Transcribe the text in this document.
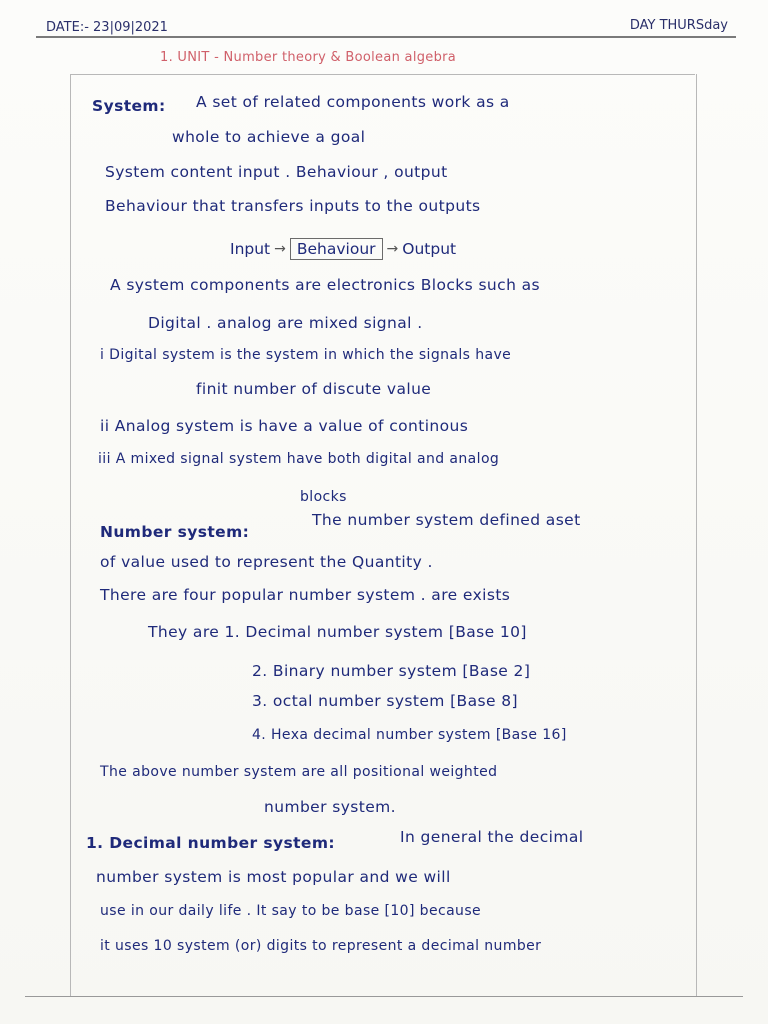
DATE:- 23|09|2021	DAY THURSday
1. UNIT - Number theory & Boolean algebra
System: A set of related components work as a
whole to achieve a goal
System content input . Behaviour , output
Behaviour that transfers inputs to the outputs
Input → Behaviour → Output
A system components are electronics Blocks such as
Digital . analog are mixed signal .
i Digital system is the system in which the signals have
finit number of discute value
ii Analog system is have a value of continous
iii A mixed signal system have both digital and analog
blocks
Number system:
The number system defined aset
of value used to represent the Quantity .
There are four popular number system . are exists
They are 1. Decimal number system [Base 10]
2. Binary number system [Base 2]
3. octal number system [Base 8]
4. Hexa decimal number system [Base 16]
The above number system are all positional weighted
number system.
1. Decimal number system:	In general the decimal
number system is most popular and we will
use in our daily life . It say to be base [10] because
it uses 10 system (or) digits to represent a decimal number
